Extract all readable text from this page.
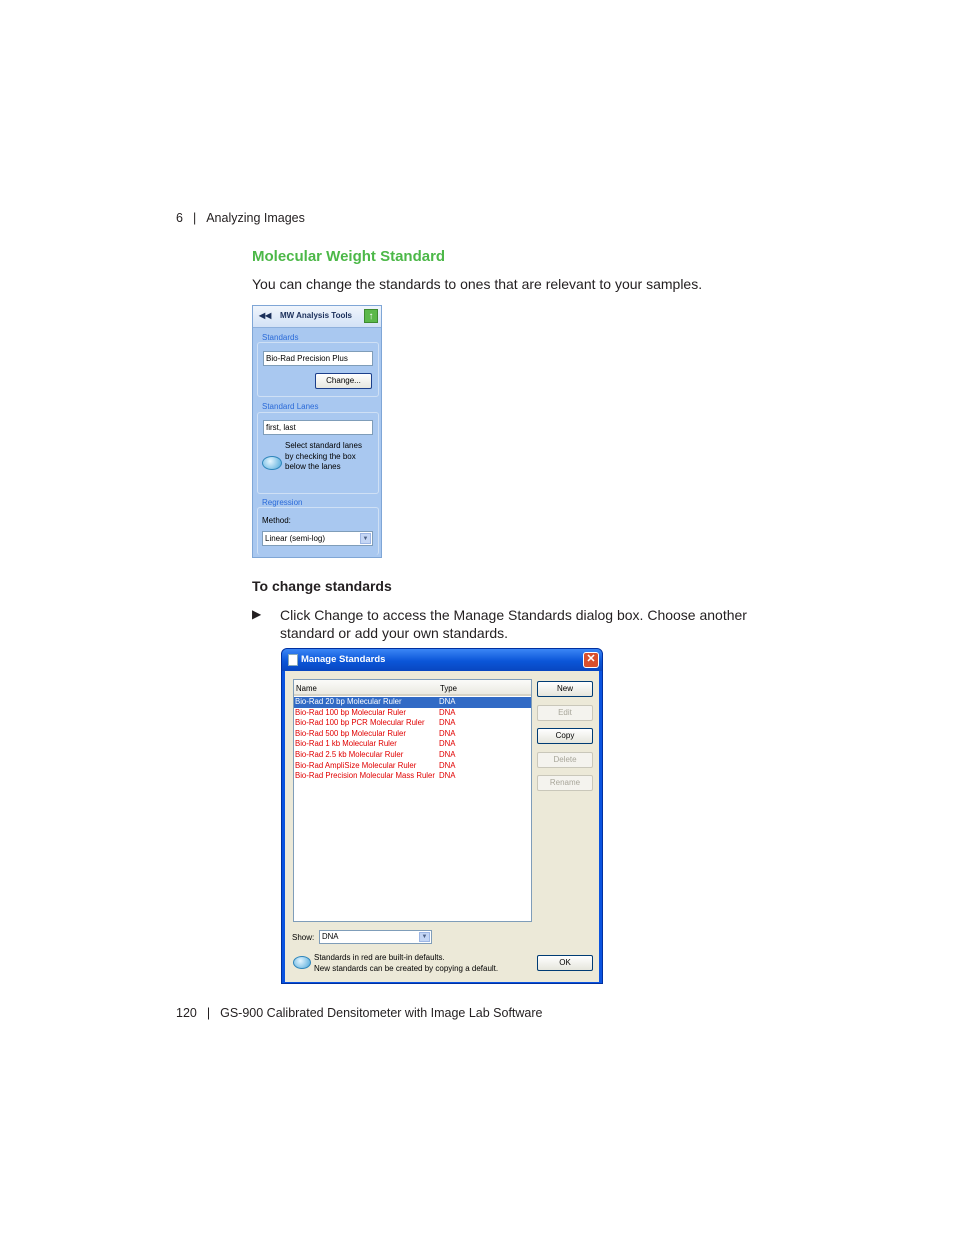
6 | Analyzing Images
Molecular Weight Standard
You can change the standards to ones that are relevant to your samples.
◀◀ MW Analysis Tools	↑
Standards
Bio-Rad Precision Plus
Change...
Standard Lanes
first, last
Select standard lanes by checking the box below the lanes
Regression
Method:
Linear (semi-log)	▼
To change standards
▶ Click Change to access the Manage Standards dialog box. Choose another standard or add your own standards.
Manage Standards	✕
Name	Type
Bio-Rad 20 bp Molecular Ruler	DNA
Bio-Rad 100 bp Molecular Ruler	DNA
Bio-Rad 100 bp PCR Molecular Ruler DNA
Bio-Rad 500 bp Molecular Ruler	DNA
Bio-Rad 1 kb Molecular Ruler	DNA
Bio-Rad 2.5 kb Molecular Ruler	DNA
Bio-Rad AmpliSize Molecular Ruler	DNA
Bio-Rad Precision Molecular Mass Ruler DNA
New
Edit
Copy
Delete
Rename
Show: DNA	▼
Standards in red are built-in defaults.
New standards can be created by copying a default.
OK
120 | GS-900 Calibrated Densitometer with Image Lab Software
